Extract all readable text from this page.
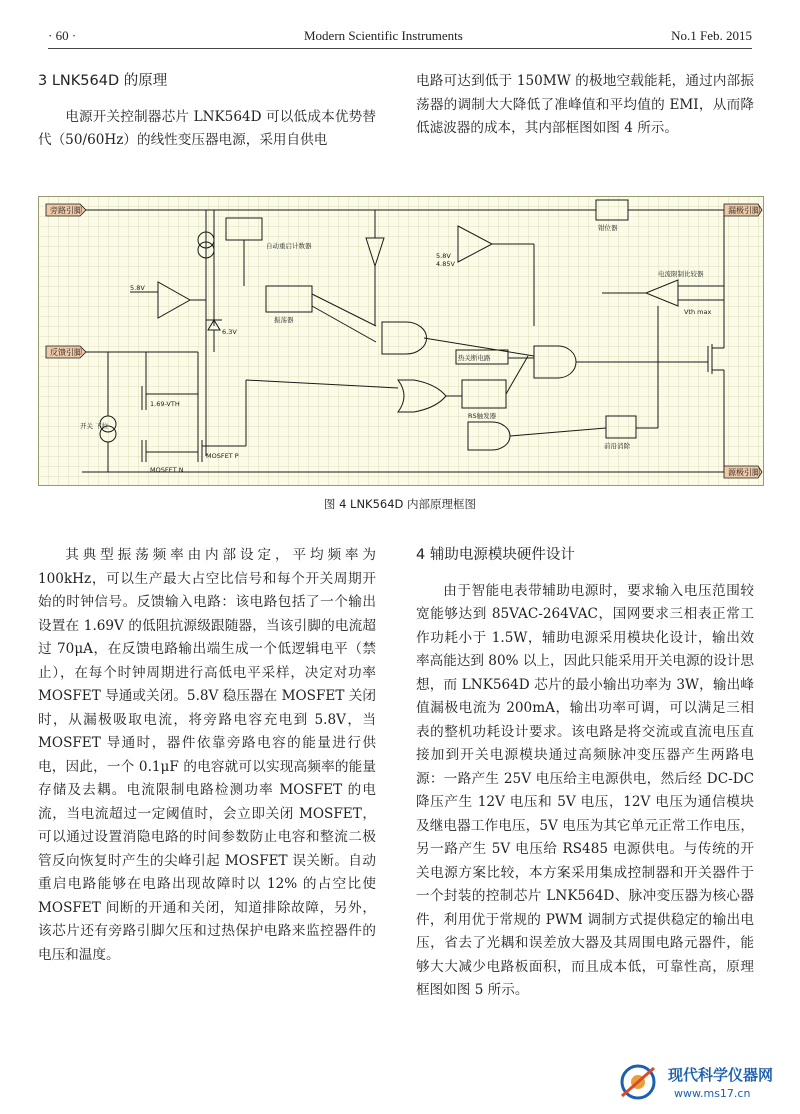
· 60 ·	Modern Scientific Instruments	No.1 Feb. 2015
3 LNK564D 的原理

电源开关控制器芯片 LNK564D 可以低成本优势替代（50/60Hz）的线性变压器电源，采用自供电

电路可达到低于 150MW 的极地空载能耗，通过内部振荡器的调制大大降低了准峰值和平均值的 EMI，从而降低滤波器的成本，其内部框图如图 4 所示。

旁路引脚
反馈引脚
漏极引脚
源极引脚
自动重启计数器
5.8V
5.8V
4.85V
6.3V
振荡器
热关断电路
RS触发器
前沿消除
钳位器
电流限制比较器
Vth max
1.69-VTH
MOSFET N
MOSFET P
开关 下拉
图 4 LNK564D 内部原理框图

其典型振荡频率由内部设定，平均频率为 100kHz，可以生产最大占空比信号和每个开关周期开始的时钟信号。反馈输入电路：该电路包括了一个输出设置在 1.69V 的低阻抗源级跟随器，当该引脚的电流超过 70μA，在反馈电路输出端生成一个低逻辑电平（禁止），在每个时钟周期进行高低电平采样，决定对功率 MOSFET 导通或关闭。5.8V 稳压器在 MOSFET 关闭时，从漏极吸取电流，将旁路电容充电到 5.8V，当 MOSFET 导通时，器件依靠旁路电容的能量进行供电，因此，一个 0.1μF 的电容就可以实现高频率的能量存储及去耦。电流限制电路检测功率 MOSFET 的电流，当电流超过一定阈值时，会立即关闭 MOSFET，可以通过设置消隐电路的时间参数防止电容和整流二极管反向恢复时产生的尖峰引起 MOSFET 误关断。自动重启电路能够在电路出现故障时以 12% 的占空比使 MOSFET 间断的开通和关闭，知道排除故障，另外，该芯片还有旁路引脚欠压和过热保护电路来监控器件的电压和温度。

4 辅助电源模块硬件设计

由于智能电表带辅助电源时，要求输入电压范围较宽能够达到 85VAC-264VAC，国网要求三相表正常工作功耗小于 1.5W，辅助电源采用模块化设计，输出效率高能达到 80% 以上，因此只能采用开关电源的设计思想，而 LNK564D 芯片的最小输出功率为 3W，输出峰值漏极电流为 200mA，输出功率可调，可以满足三相表的整机功耗设计要求。该电路是将交流或直流电压直接加到开关电源模块通过高频脉冲变压器产生两路电源：一路产生 25V 电压给主电源供电，然后经 DC-DC 降压产生 12V 电压和 5V 电压，12V 电压为通信模块及继电器工作电压，5V 电压为其它单元正常工作电压，另一路产生 5V 电压给 RS485 电源供电。与传统的开关电源方案比较，本方案采用集成控制器和开关器件于一个封装的控制芯片 LNK564D、脉冲变压器为核心器件，利用优于常规的 PWM 调制方式提供稳定的输出电压，省去了光耦和误差放大器及其周围电路元器件，能够大大减少电路板面积，而且成本低，可靠性高，原理框图如图 5 所示。

现代科学仪器网
www.ms17.cn
